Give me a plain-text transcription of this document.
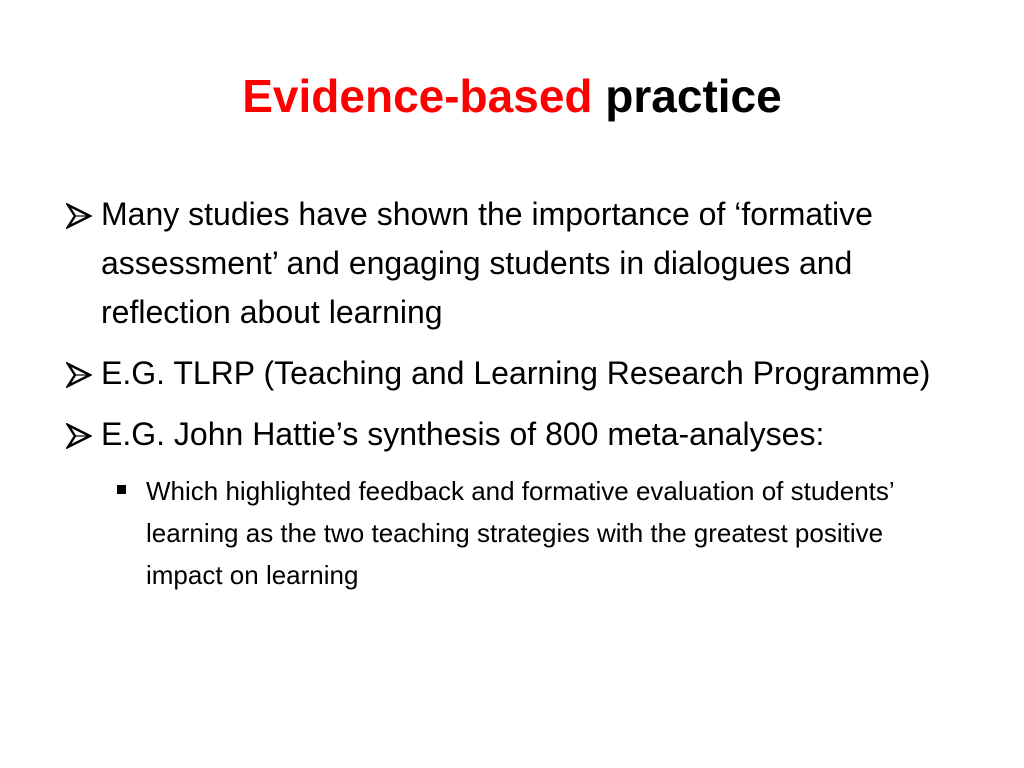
Evidence-based practice
Many studies have shown the importance of ‘formative assessment’ and engaging students in dialogues and reflection about learning
E.G. TLRP (Teaching and Learning Research Programme)
E.G. John Hattie’s synthesis of 800 meta-analyses:
Which highlighted feedback and formative evaluation of students’ learning as the two teaching strategies with the greatest positive impact on learning
